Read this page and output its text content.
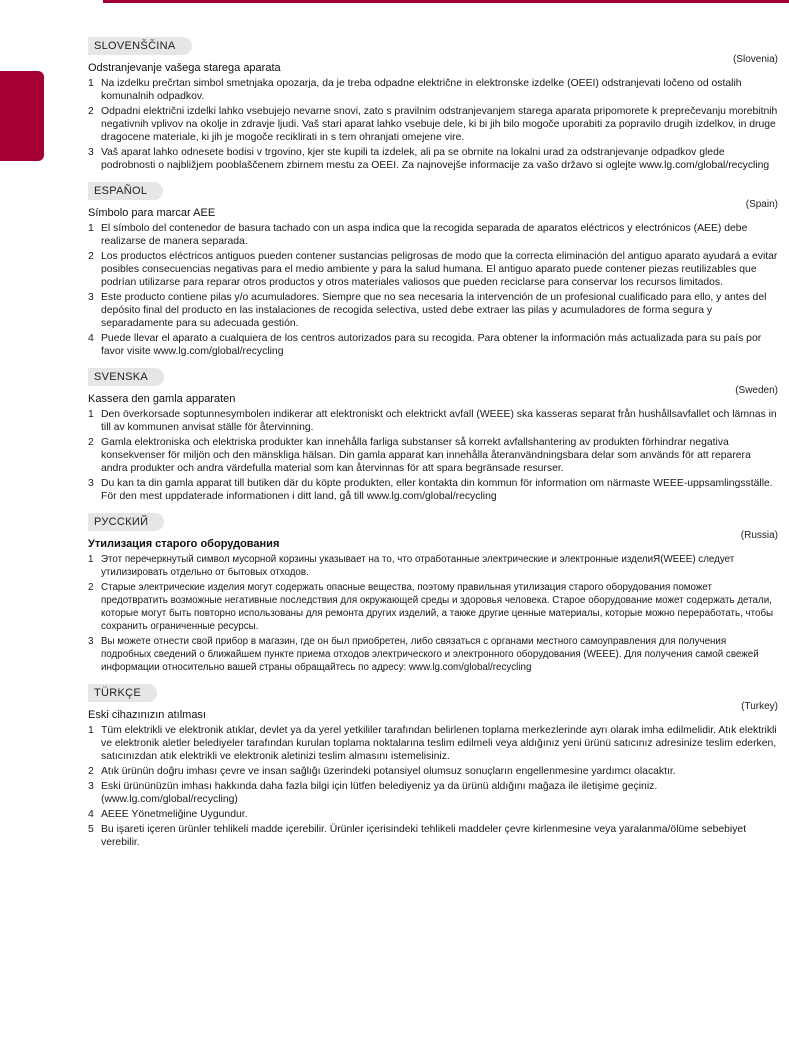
(Slovenia)
SLOVENŠČINA
Odstranjevanje vašega starega aparata
1 Na izdelku prečrtan simbol smetnjaka opozarja, da je treba odpadne električne in elektronske izdelke (OEEI) odstranjevati ločeno od ostalih komunalnih odpadkov.
2 Odpadni električni izdelki lahko vsebujejo nevarne snovi, zato s pravilnim odstranjevanjem starega aparata pripomorete k preprečevanju morebitnih negativnih vplivov na okolje in zdravje ljudi. Vaš stari aparat lahko vsebuje dele, ki bi jih bilo mogoče uporabiti za popravilo drugih izdelkov, in druge dragocene materiale, ki jih je mogoče reciklirati in s tem ohranjati omejene vire.
3 Vaš aparat lahko odnesete bodisi v trgovino, kjer ste kupili ta izdelek, ali pa se obrnite na lokalni urad za odstranjevanje odpadkov glede podrobnosti o najbližjem pooblaščenem zbirnem mestu za OEEI. Za najnovejše informacije za vašo državo si oglejte www.lg.com/global/recycling
(Spain)
ESPAÑOL
Símbolo para marcar AEE
1 El símbolo del contenedor de basura tachado con un aspa indica que la recogida separada de aparatos eléctricos y electrónicos (AEE) debe realizarse de manera separada.
2 Los productos eléctricos antiguos pueden contener sustancias peligrosas de modo que la correcta eliminación del antiguo aparato ayudará a evitar posibles consecuencias negativas para el medio ambiente y para la salud humana. El antiguo aparato puede contener piezas reutilizables que podrían utilizarse para reparar otros productos y otros materiales valiosos que pueden reciclarse para conservar los recursos limitados.
3 Este producto contiene pilas y/o acumuladores. Siempre que no sea necesaria la intervención de un profesional cualificado para ello, y antes del depósito final del producto en las instalaciones de recogida selectiva, usted debe extraer las pilas y acumuladores de forma segura y separadamente para su adecuada gestión.
4 Puede llevar el aparato a cualquiera de los centros autorizados para su recogida. Para obtener la información más actualizada para su país por favor visite www.lg.com/global/recycling
(Sweden)
SVENSKA
Kassera den gamla apparaten
1 Den överkorsade soptunnesymbolen indikerar att elektroniskt och elektrickt avfall (WEEE) ska kasseras separat från hushållsavfallet och lämnas in till av kommunen anvisat ställe för återvinning.
2 Gamla elektroniska och elektriska produkter kan innehålla farliga substanser så korrekt avfallshantering av produkten förhindrar negativa konsekvenser för miljön och den mänskliga hälsan. Din gamla apparat kan innehålla återanvändningsbara delar som används för att reparera andra produkter och andra värdefulla material som kan återvinnas för att spara begränsade resurser.
3 Du kan ta din gamla apparat till butiken där du köpte produkten, eller kontakta din kommun för information om närmaste WEEE-uppsamlingsställe. För den mest uppdaterade informationen i ditt land, gå till www.lg.com/global/recycling
(Russia)
РУССКИЙ
Утилизация старого оборудования
1 Этот перечеркнутый символ мусорной корзины указывает на то, что отработанные электрические и электронные изделиЯ(WEEE) следует утилизировать отдельно от бытовых отходов.
2 Старые электрические изделия могут содержать опасные вещества, поэтому правильная утилизация старого оборудования поможет предотвратить возможные негативные последствия для окружающей среды и здоровья человека. Старое оборудование может содержать детали, которые могут быть повторно использованы для ремонта других изделий, а также другие ценные материалы, которые можно переработать, чтобы сохранить ограниченные ресурсы.
3 Вы можете отнести свой прибор в магазин, где он был приобретен, либо связаться с органами местного самоуправления для получения подробных сведений о ближайшем пункте приема отходов электрического и электронного оборудования (WEEE). Для получения самой свежей информации относительно вашей страны обращайтесь по адресу: www.lg.com/global/recycling
(Turkey)
TÜRKÇE
Eski cihazınızın atılması
1 Tüm elektrikli ve elektronik atıklar, devlet ya da yerel yetkililer tarafından belirlenen toplama merkezlerinde ayrı olarak imha edilmelidir. Atık elektrikli ve elektronik aletler belediyeler tarafından kurulan toplama noktalarına teslim edilmeli veya aldığınız yeni ürünü satıcınız adresinize teslim ederken, satıcınızdan atık elektrikli ve elektronik aletinizi teslim almasını istemelisiniz.
2 Atık ürünün doğru imhası çevre ve insan sağlığı üzerindeki potansiyel olumsuz sonuçların engellenmesine yardımcı olacaktır.
3 Eski ürününüzün imhası hakkında daha fazla bilgi için lütfen belediyeniz ya da ürünü aldığını mağaza ile iletişime geçiniz. (www.lg.com/global/recycling)
4 AEEE Yönetmeliğine Uygundur.
5 Bu işareti içeren ürünler tehlikeli madde içerebilir. Ürünler içerisindeki tehlikeli maddeler çevre kirlenmesine veya yaralanma/ölüme sebebiyet verebilir.
